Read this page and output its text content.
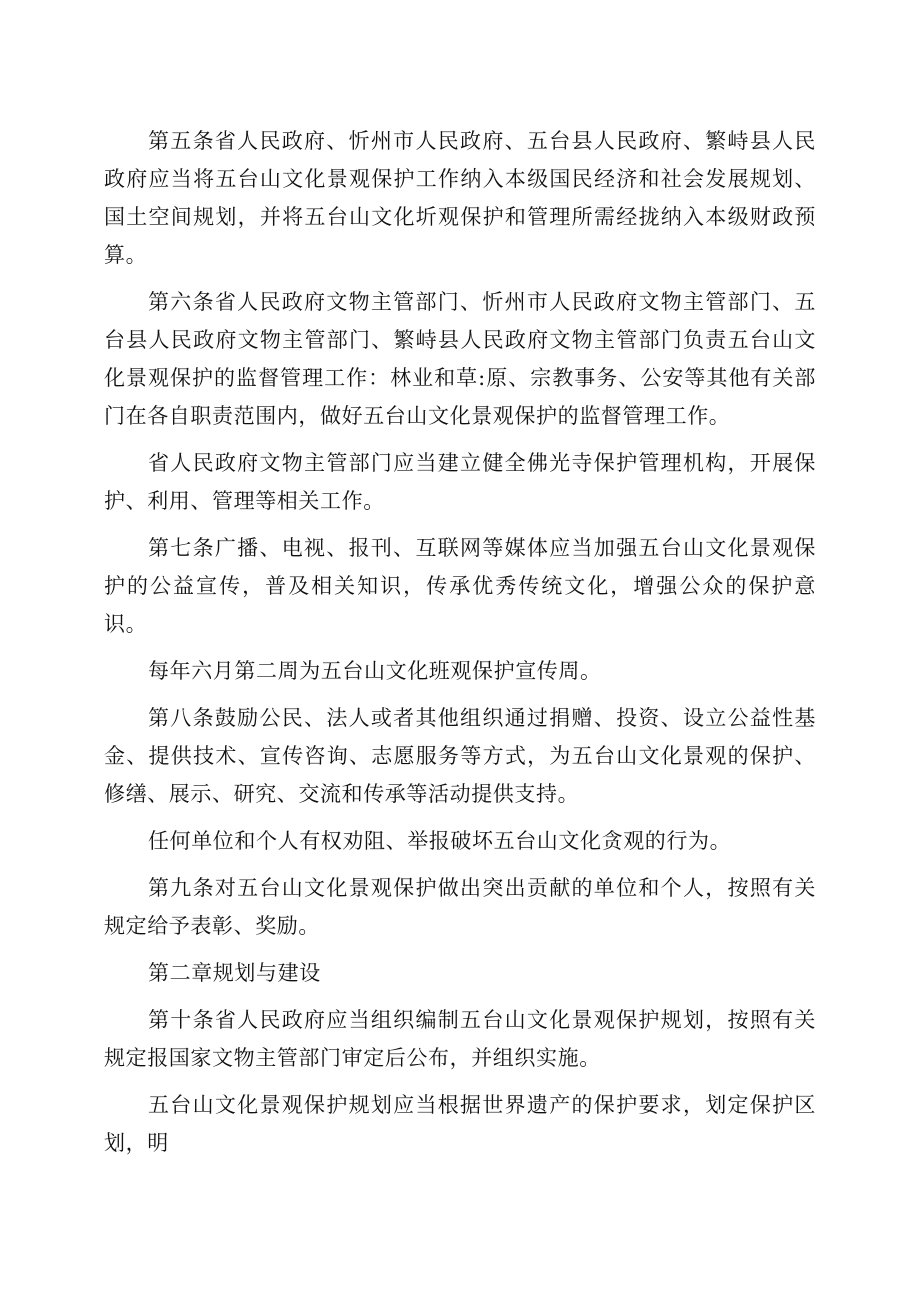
第五条省人民政府、忻州市人民政府、五台县人民政府、繁峙县人民政府应当将五台山文化景观保护工作纳入本级国民经济和社会发展规划、国土空间规划，并将五台山文化圻观保护和管理所需经拢纳入本级财政预算。

第六条省人民政府文物主管部门、忻州市人民政府文物主管部门、五台县人民政府文物主管部门、繁峙县人民政府文物主管部门负责五台山文化景观保护的监督管理工作：林业和草:原、宗教事务、公安等其他有关部门在各自职责范围内，做好五台山文化景观保护的监督管理工作。

省人民政府文物主管部门应当建立健全佛光寺保护管理机构，开展保护、利用、管理等相关工作。

第七条广播、电视、报刊、互联网等媒体应当加强五台山文化景观保护的公益宣传，普及相关知识，传承优秀传统文化，增强公众的保护意识。

每年六月第二周为五台山文化班观保护宣传周。

第八条鼓励公民、法人或者其他组织通过捐赠、投资、设立公益性基金、提供技术、宣传咨询、志愿服务等方式，为五台山文化景观的保护、修缮、展示、研究、交流和传承等活动提供支持。

任何单位和个人有权劝阻、举报破坏五台山文化贪观的行为。

第九条对五台山文化景观保护做出突出贡献的单位和个人，按照有关规定给予表彰、奖励。

第二章规划与建设

第十条省人民政府应当组织编制五台山文化景观保护规划，按照有关规定报国家文物主管部门审定后公布，并组织实施。

五台山文化景观保护规划应当根据世界遗产的保护要求，划定保护区划，明
